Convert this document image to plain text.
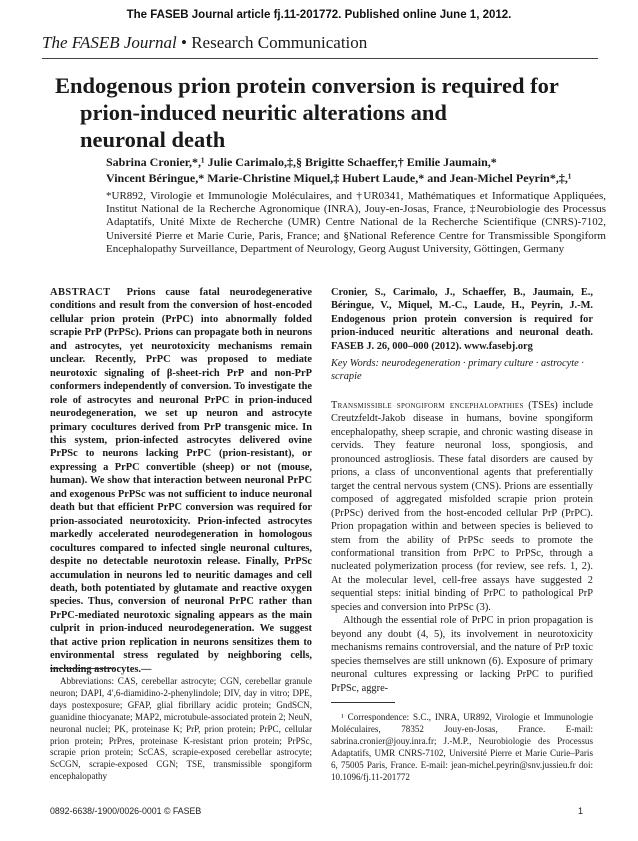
The FASEB Journal article fj.11-201772. Published online June 1, 2012.
The FASEB Journal • Research Communication
Endogenous prion protein conversion is required for
prion-induced neuritic alterations and
neuronal death
Sabrina Cronier,*,¹ Julie Carimalo,‡,§ Brigitte Schaeffer,† Emilie Jaumain,*
Vincent Béringue,* Marie-Christine Miquel,‡ Hubert Laude,* and Jean-Michel Peyrin*,‡,¹
*UR892, Virologie et Immunologie Moléculaires, and †UR0341, Mathématiques et Informatique Appliquées, Institut National de la Recherche Agronomique (INRA), Jouy-en-Josas, France, ‡Neurobiologie des Processus Adaptatifs, Unité Mixte de Recherche (UMR) Centre National de la Recherche Scientifique (CNRS)-7102, Université Pierre et Marie Curie, Paris, France; and §National Reference Centre for Transmissible Spongiform Encephalopathy Surveillance, Department of Neurology, Georg August University, Göttingen, Germany
ABSTRACT Prions cause fatal neurodegenerative conditions and result from the conversion of host-encoded cellular prion protein (PrPC) into abnormally folded scrapie PrP (PrPSc). Prions can propagate both in neurons and astrocytes, yet neurotoxicity mechanisms remain unclear. Recently, PrPC was proposed to mediate neurotoxic signaling of β-sheet-rich PrP and non-PrP conformers independently of conversion. To investigate the role of astrocytes and neuronal PrPC in prion-induced neurodegeneration, we set up neuron and astrocyte primary cocultures derived from PrP transgenic mice. In this system, prion-infected astrocytes delivered ovine PrPSc to neurons lacking PrPC (prion-resistant), or expressing a PrPC convertible (sheep) or not (mouse, human). We show that interaction between neuronal PrPC and exogenous PrPSc was not sufficient to induce neuronal death but that efficient PrPC conversion was required for prion-associated neurotoxicity. Prion-infected astrocytes markedly accelerated neurodegeneration in homologous cocultures compared to infected single neuronal cultures, despite no detectable neurotoxin release. Finally, PrPSc accumulation in neurons led to neuritic damages and cell death, both potentiated by glutamate and reactive oxygen species. Thus, conversion of neuronal PrPC rather than PrPC-mediated neurotoxic signaling appears as the main culprit in prion-induced neurodegeneration. We suggest that active prion replication in neurons sensitizes them to environmental stress regulated by neighboring cells, including astrocytes.—
Abbreviations: CAS, cerebellar astrocyte; CGN, cerebellar granule neuron; DAPI, 4′,6-diamidino-2-phenylindole; DIV, day in vitro; DPE, days postexposure; GFAP, glial fibrillary acidic protein; GndSCN, guanidine thiocyanate; MAP2, microtubule-associated protein 2; NeuN, neuronal nuclei; PK, proteinase K; PrP, prion protein; PrPC, cellular prion protein; PrPres, proteinase K-resistant prion protein; PrPSc, scrapie prion protein; ScCAS, scrapie-exposed cerebellar astrocyte; ScCGN, scrapie-exposed CGN; TSE, transmissible spongiform encephalopathy
Cronier, S., Carimalo, J., Schaeffer, B., Jaumain, E., Béringue, V., Miquel, M.-C., Laude, H., Peyrin, J.-M. Endogenous prion protein conversion is required for prion-induced neuritic alterations and neuronal death. FASEB J. 26, 000–000 (2012). www.fasebj.org
Key Words: neurodegeneration · primary culture · astrocyte · scrapie

Transmissible spongiform encephalopathies (TSEs) include Creutzfeldt-Jakob disease in humans, bovine spongiform encephalopathy, sheep scrapie, and chronic wasting disease in cervids. They feature neuronal loss, spongiosis, and pronounced astrogliosis. These fatal disorders are caused by prions, a class of unconventional agents that preferentially target the central nervous system (CNS). Prions are essentially composed of aggregated misfolded scrapie prion protein (PrPSc) derived from the host-encoded cellular PrP (PrPC). Prion propagation within and between species is believed to stem from the ability of PrPSc seeds to promote the conformational transition from PrPC to PrPSc, through a nucleated polymerization process (for review, see refs. 1, 2). At the molecular level, cell-free assays have suggested 2 sequential steps: initial binding of PrPC to pathological PrP species and conversion into PrPSc (3).

Although the essential role of PrPC in prion propagation is beyond any doubt (4, 5), its involvement in neurotoxicity mechanisms remains controversial, and the nature of PrP toxic species themselves are still unknown (6). Exposure of primary neuronal cultures expressing or lacking PrPC to purified PrPSc, aggre-

¹ Correspondence: S.C., INRA, UR892, Virologie et Immunologie Moléculaires, 78352 Jouy-en-Josas, France. E-mail: sabrina.cronier@jouy.inra.fr; J.-M.P., Neurobiologie des Processus Adaptatifs, UMR CNRS-7102, Université Pierre et Marie Curie–Paris 6, 75005 Paris, France. E-mail: jean-michel.peyrin@snv.jussieu.fr doi: 10.1096/fj.11-201772
0892-6638/-1900/0026-0001 © FASEB	1
